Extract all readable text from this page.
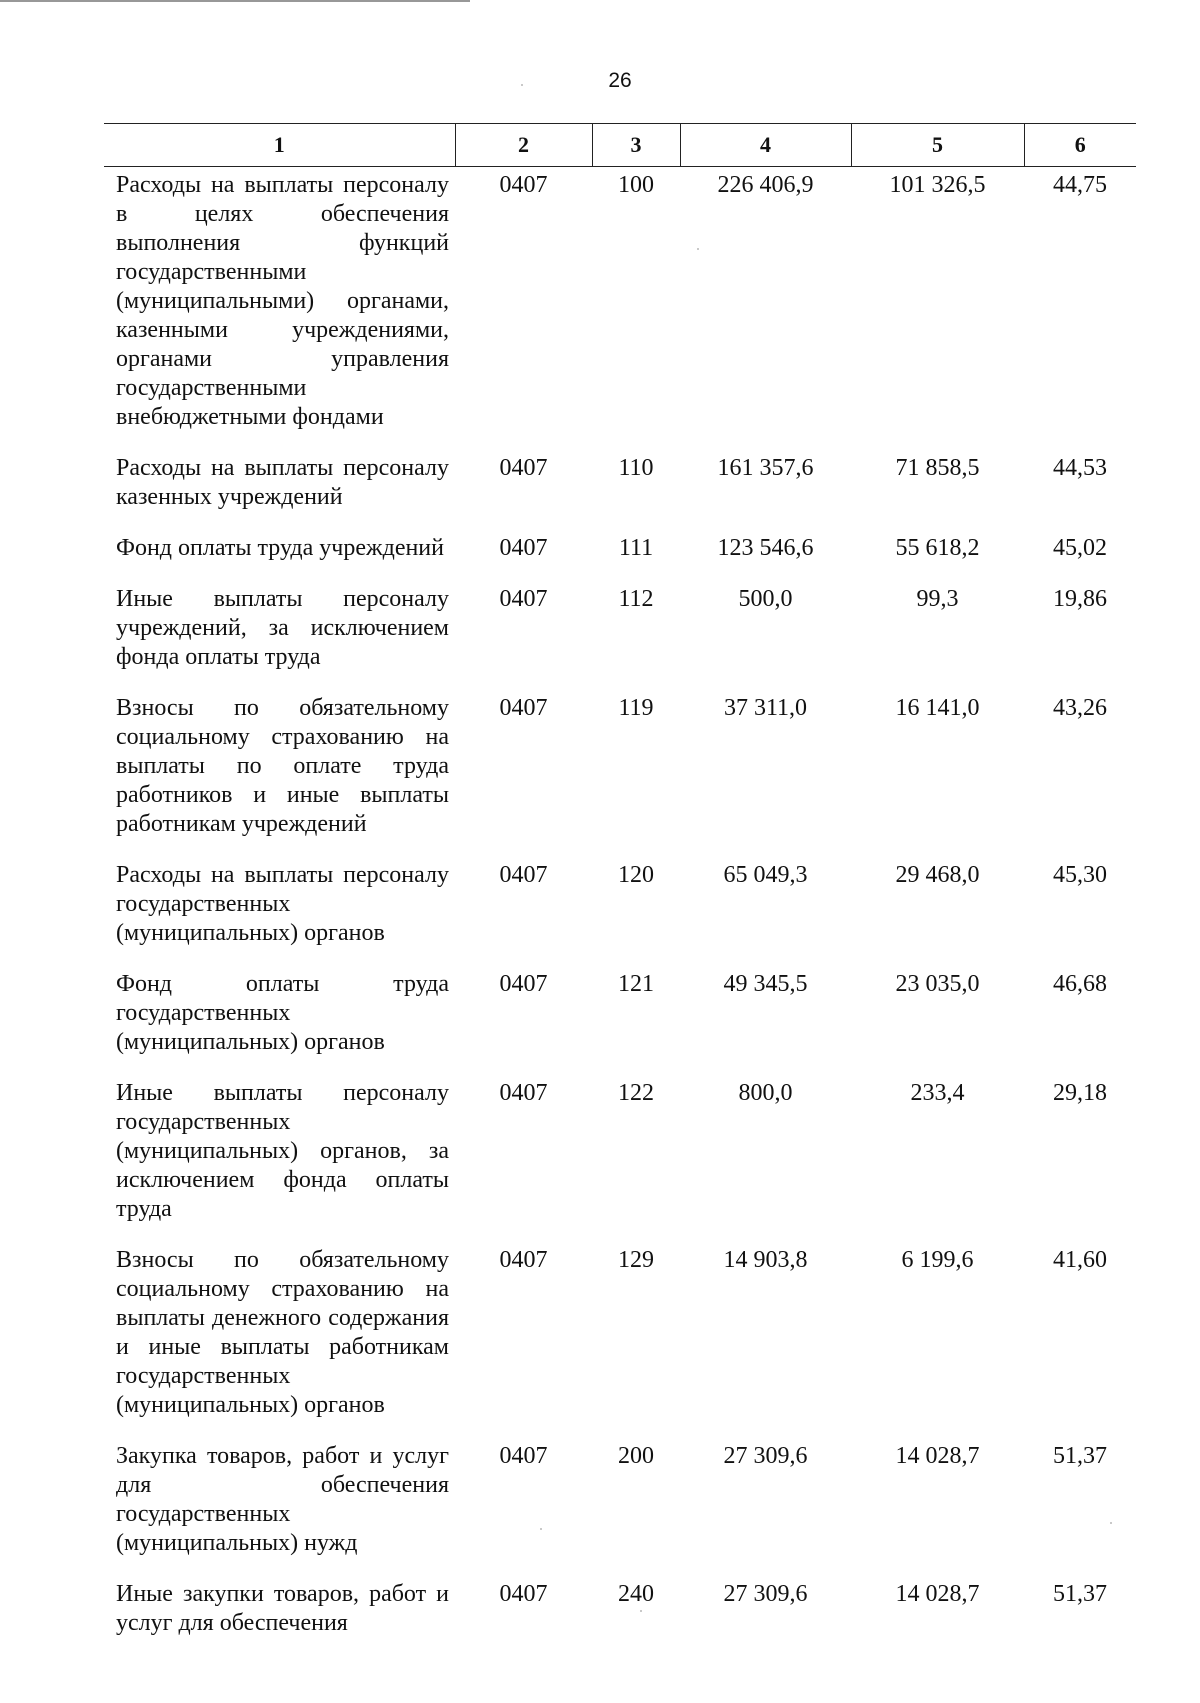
26
1	2	3	4	5	6
Расходы на выплаты персоналу в целях обеспечения выполнения функций государственными (муниципальными) органами, казенными учреждениями, органами управления государственными внебюджетными фондами	0407	100	226 406,9	101 326,5	44,75
Расходы на выплаты персоналу казенных учреждений	0407	110	161 357,6	71 858,5	44,53
Фонд оплаты труда учреждений	0407	111	123 546,6	55 618,2	45,02
Иные выплаты персоналу учреждений, за исключением фонда оплаты труда	0407	112	500,0	99,3	19,86
Взносы по обязательному социальному страхованию на выплаты по оплате труда работников и иные выплаты работникам учреждений	0407	119	37 311,0	16 141,0	43,26
Расходы на выплаты персоналу государственных (муниципальных) органов	0407	120	65 049,3	29 468,0	45,30
Фонд оплаты труда государственных (муниципальных) органов	0407	121	49 345,5	23 035,0	46,68
Иные выплаты персоналу государственных (муниципальных) органов, за исключением фонда оплаты труда	0407	122	800,0	233,4	29,18
Взносы по обязательному социальному страхованию на выплаты денежного содержания и иные выплаты работникам государственных (муниципальных) органов	0407	129	14 903,8	6 199,6	41,60
Закупка товаров, работ и услуг для обеспечения государственных (муниципальных) нужд	0407	200	27 309,6	14 028,7	51,37
Иные закупки товаров, работ и услуг для обеспечения	0407	240	27 309,6	14 028,7	51,37
